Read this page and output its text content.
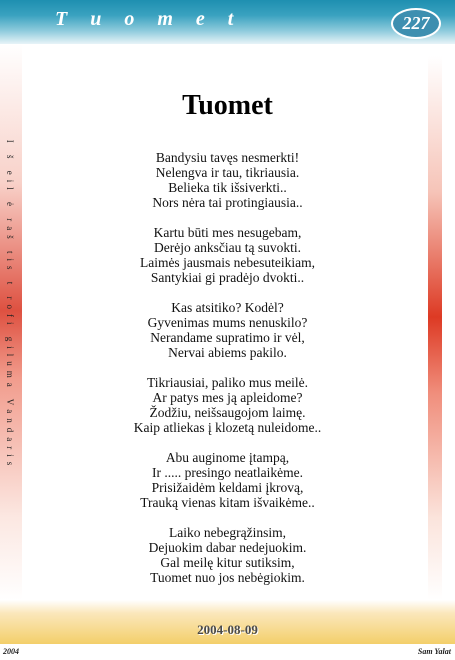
T u o m e t	227
I š eil ė raš tis t rofi giluma Vandaris
Tuomet
Bandysiu tavęs nesmerkti!
Nelengva ir tau, tikriausia.
Belieka tik išsiverkti..
Nors nėra tai protingiausia..
Kartu būti mes nesugebam,
Derėjo anksčiau tą suvokti.
Laimės jausmais nebesuteikiam,
Santykiai gi pradėjo dvokti..
Kas atsitiko? Kodėl?
Gyvenimas mums nenuskilo?
Nerandame supratimo ir vėl,
Nervai abiems pakilo.
Tikriausiai, paliko mus meilė.
Ar patys mes ją apleidome?
Žodžiu, neišsaugojom laimę.
Kaip atliekas į klozetą nuleidome..
Abu auginome įtampą,
Ir ..... presingo neatlaikėme.
Prisižaidėm keldami įkrovą,
Trauką vienas kitam išvaikėme..
Laiko nebegrąžinsim,
Dejuokim dabar nedejuokim.
Gal meilę kitur sutiksim,
Tuomet nuo jos nebėgiokim.
2004-08-09
2004	Sam Yalat
